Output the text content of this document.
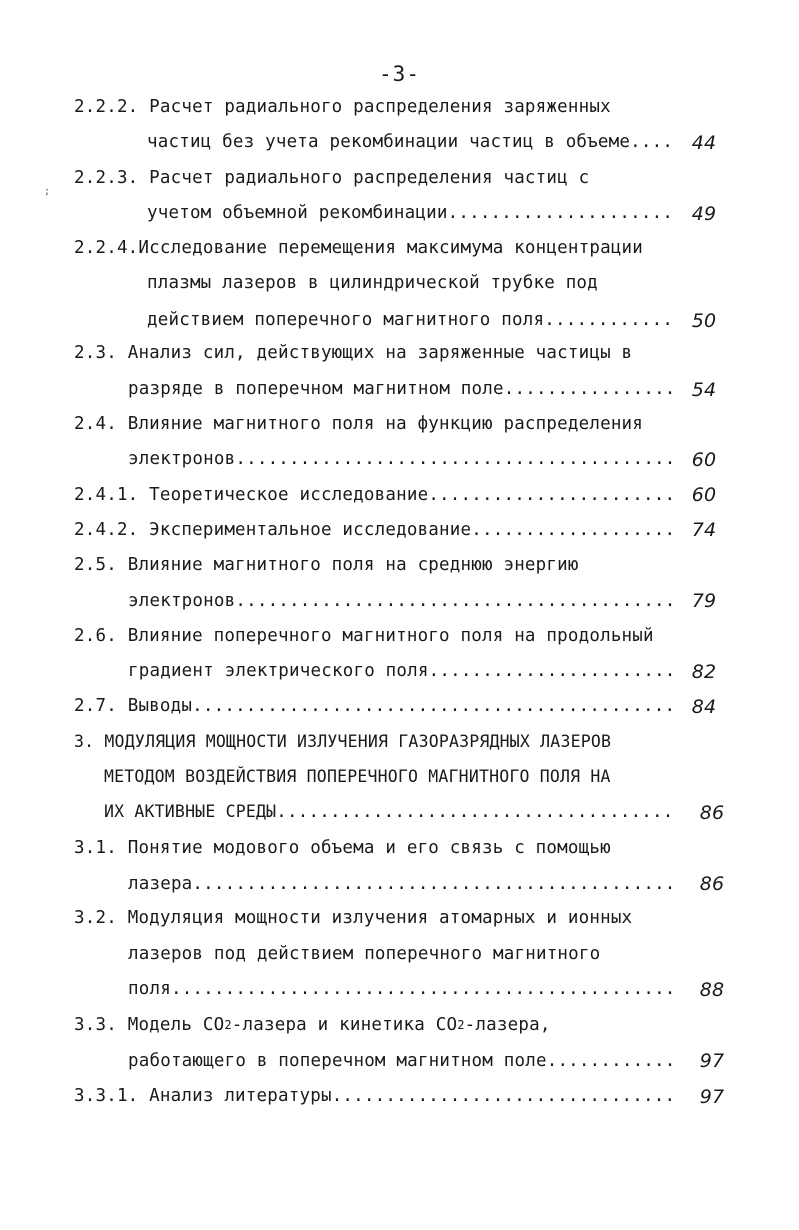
-3-
;
2.2.2.
Расчет радиального распределения заряженных
частиц без учета рекомбинации частиц в объеме .....	44
2.2.3.
Расчет радиального распределения частиц с
учетом объемной рекомбинации .....	49
2.2.4. Исследование перемещения максимума концентрации
плазмы лазеров в цилиндрической трубке под
действием поперечного магнитного поля .....	50
2.3.
Анализ сил, действующих на заряженные частицы в
разряде в поперечном магнитном поле .....	54
2.4.
Влияние магнитного поля на функцию распределения
электронов .....	60
2.4.1.
Теоретическое исследование .....	60
2.4.2.
Экспериментальное исследование .....	74
2.5.
Влияние магнитного поля на среднюю энергию
электронов .....	79
2.6.
Влияние поперечного магнитного поля на продольный
градиент электрического поля .....	82
2.7.
Выводы .....	84
3.
МОДУЛЯЦИЯ МОЩНОСТИ ИЗЛУЧЕНИЯ ГАЗОРАЗРЯДНЫХ ЛАЗЕРОВ
МЕТОДОМ ВОЗДЕЙСТВИЯ ПОПЕРЕЧНОГО МАГНИТНОГО ПОЛЯ НА
ИХ АКТИВНЫЕ СРЕДЫ .....	86
3.1.
Понятие модового объема и его связь с помощью
лазера .....	86
3.2.
Модуляция мощности излучения атомарных и ионных
лазеров под действием поперечного магнитного
поля .....	88
3.3.
Модель CO 2 -лазера и кинетика CO 2 -лазера,
работающего в поперечном магнитном поле .....	97
3.3.1.
Анализ литературы .....	97
